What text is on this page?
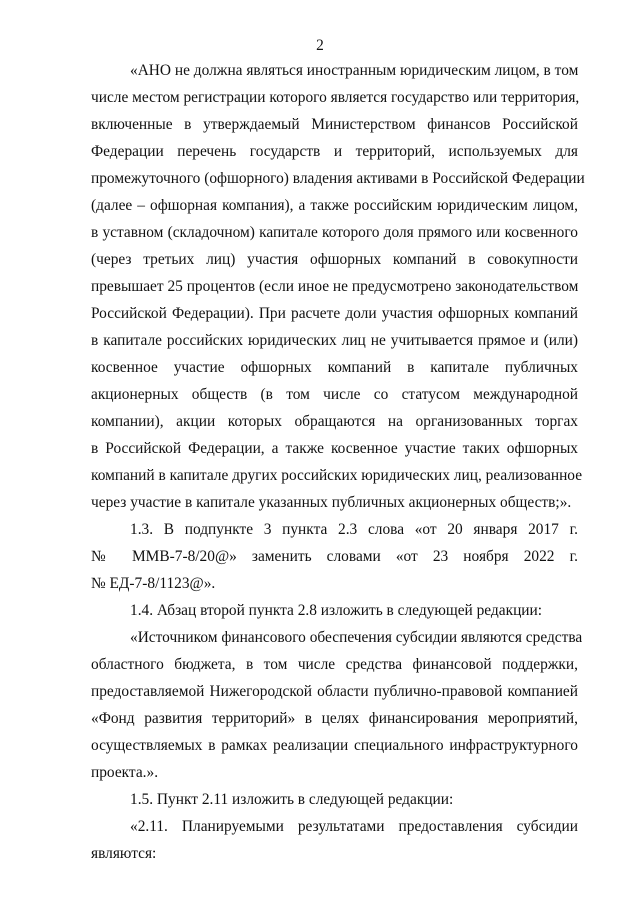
2
«АНО не должна являться иностранным юридическим лицом, в том
числе местом регистрации которого является государство или территория,
включенные в утверждаемый Министерством финансов Российской
Федерации перечень государств и территорий, используемых для
промежуточного (офшорного) владения активами в Российской Федерации
(далее – офшорная компания), а также российским юридическим лицом,
в уставном (складочном) капитале которого доля прямого или косвенного
(через третьих лиц) участия офшорных компаний в совокупности
превышает 25 процентов (если иное не предусмотрено законодательством
Российской Федерации). При расчете доли участия офшорных компаний
в капитале российских юридических лиц не учитывается прямое и (или)
косвенное участие офшорных компаний в капитале публичных
акционерных обществ (в том числе со статусом международной
компании), акции которых обращаются на организованных торгах
в Российской Федерации, а также косвенное участие таких офшорных
компаний в капитале других российских юридических лиц, реализованное
через участие в капитале указанных публичных акционерных обществ;».
1.3. В подпункте 3 пункта 2.3 слова «от 20 января 2017 г.
№ ММВ-7-8/20@» заменить словами «от 23 ноября 2022 г.
№ ЕД-7-8/1123@».
1.4. Абзац второй пункта 2.8 изложить в следующей редакции:
«Источником финансового обеспечения субсидии являются средства
областного бюджета, в том числе средства финансовой поддержки,
предоставляемой Нижегородской области публично-правовой компанией
«Фонд развития территорий» в целях финансирования мероприятий,
осуществляемых в рамках реализации специального инфраструктурного
проекта.».
1.5. Пункт 2.11 изложить в следующей редакции:
«2.11. Планируемыми результатами предоставления субсидии
являются:
